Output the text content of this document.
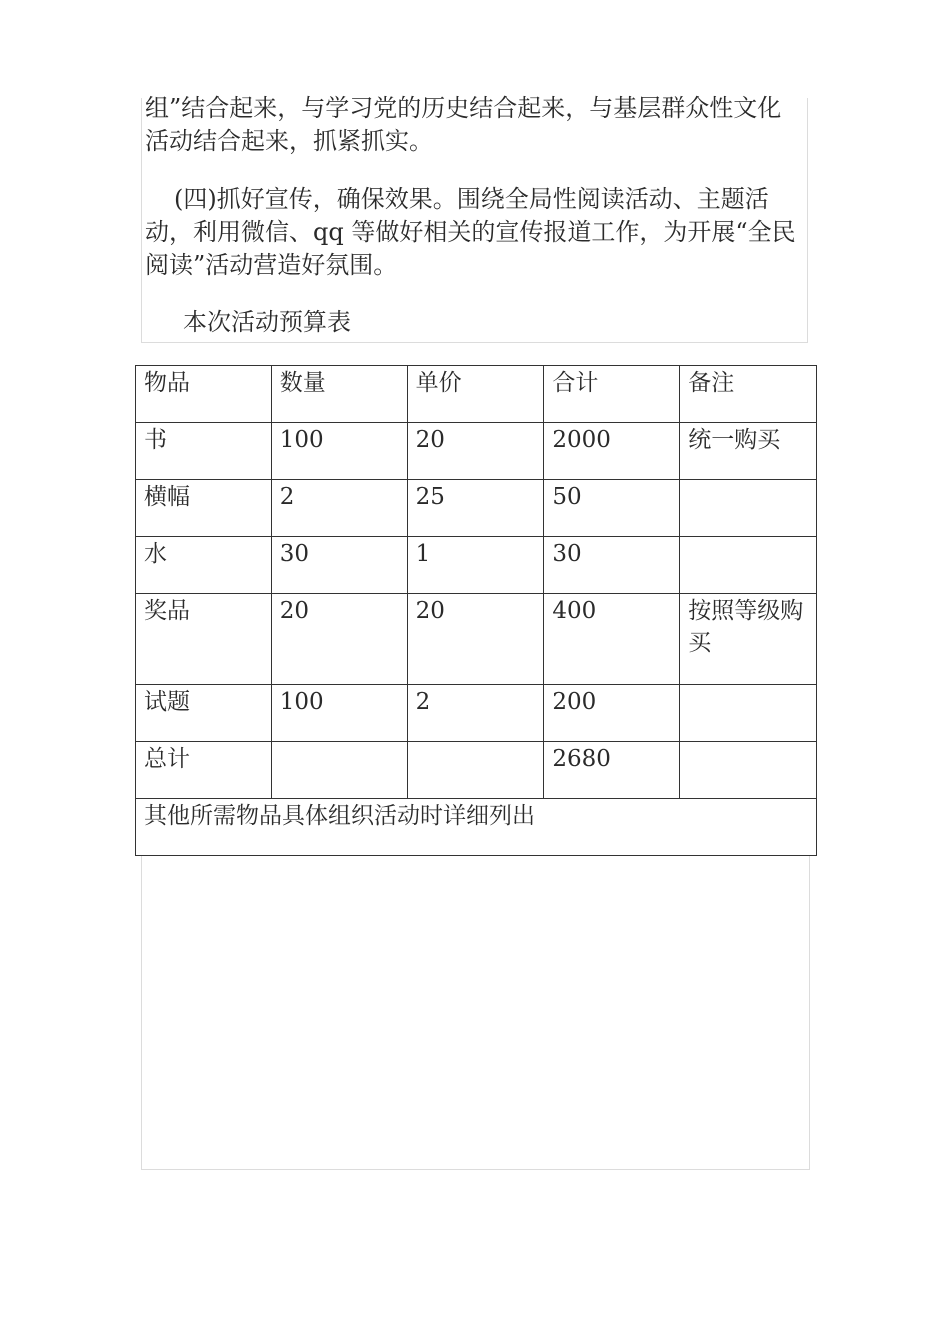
组”结合起来，与学习党的历史结合起来，与基层群众性文化活动结合起来，抓紧抓实。

(四)抓好宣传，确保效果。围绕全局性阅读活动、主题活动，利用微信、qq 等做好相关的宣传报道工作，为开展“全民阅读”活动营造好氛围。

本次活动预算表

物品	数量	单价	合计	备注
书	100	20	2000	统一购买
横幅	2	25	50	
水	30	1	30	
奖品	20	20	400	按照等级购买
试题	100	2	200	
总计			2680	
其他所需物品具体组织活动时详细列出				
